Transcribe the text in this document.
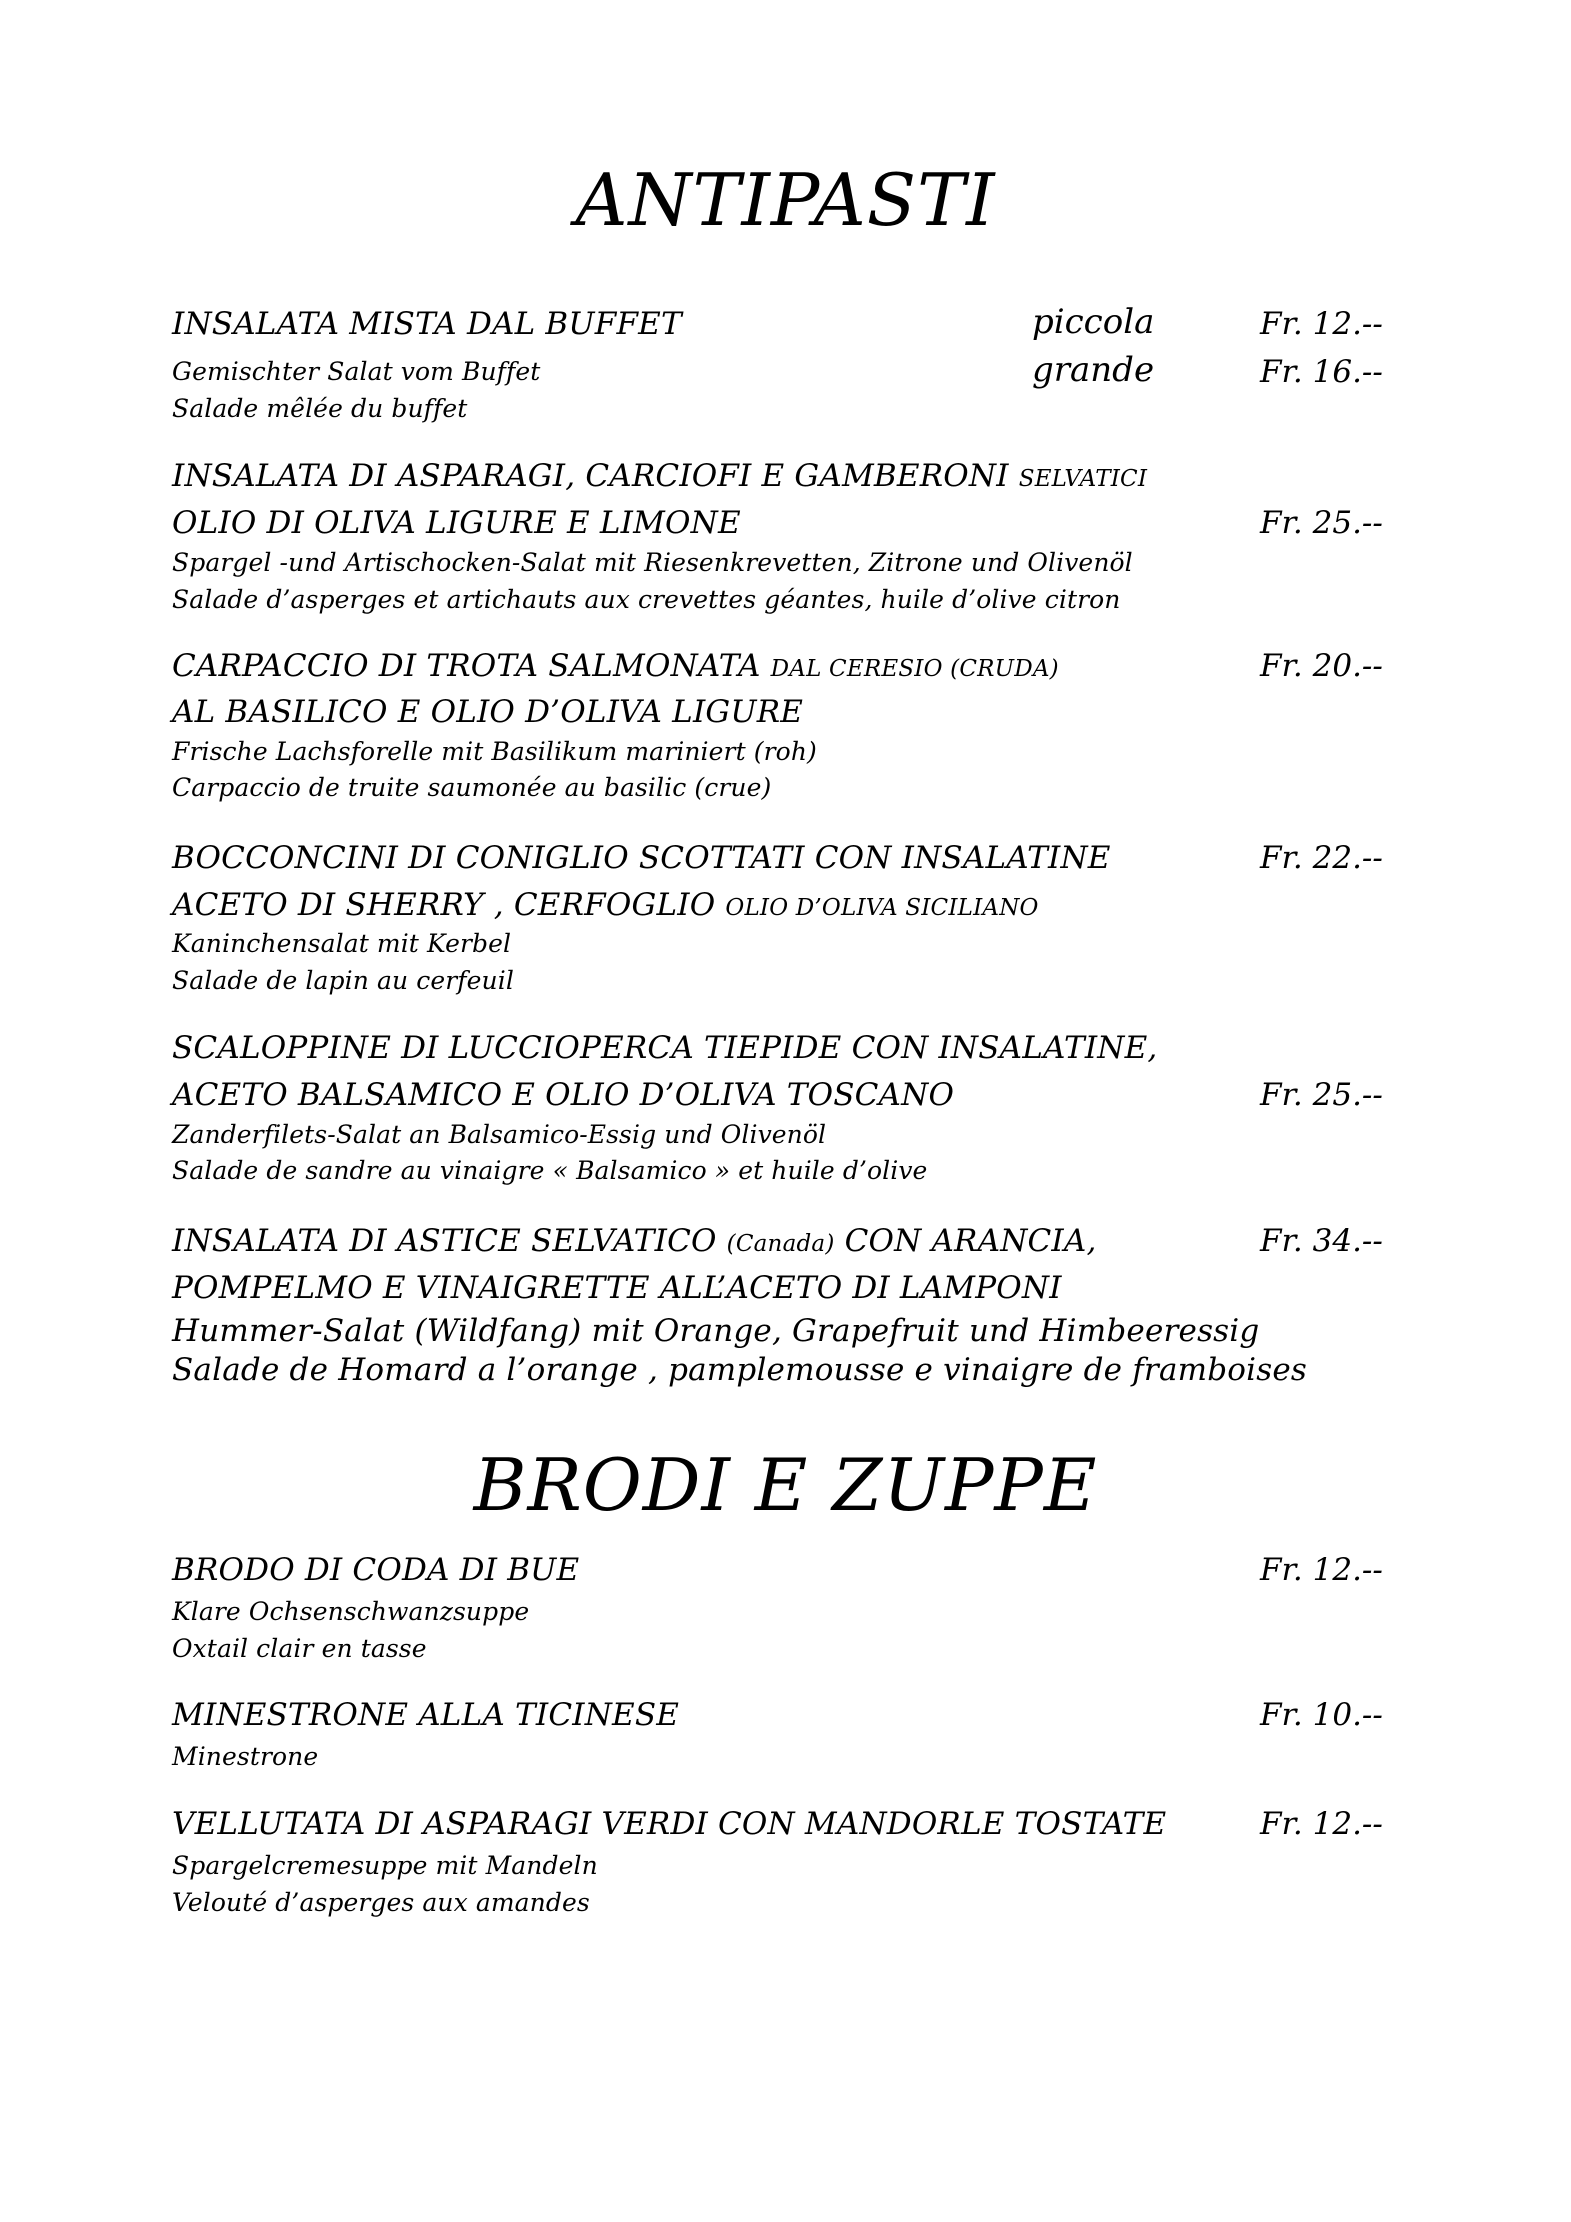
ANTIPASTI
INSALATA MISTA DAL BUFFET	piccola	Fr. 12.--
Gemischter Salat vom Buffet	grande	Fr. 16.--
Salade mêlée du buffet
INSALATA DI ASPARAGI, CARCIOFI E GAMBERONI SELVATICI
OLIO DI OLIVA LIGURE E LIMONE	Fr. 25.--
Spargel -und Artischocken-Salat mit Riesenkrevetten, Zitrone und Olivenöl
Salade d’asperges et artichauts aux crevettes géantes, huile d’olive citron
CARPACCIO DI TROTA SALMONATA DAL CERESIO (CRUDA)	Fr. 20.--
AL BASILICO E OLIO D’OLIVA LIGURE
Frische Lachsforelle mit Basilikum mariniert (roh)
Carpaccio de truite saumonée au basilic (crue)
BOCCONCINI DI CONIGLIO SCOTTATI CON INSALATINE	Fr. 22.--
ACETO DI SHERRY , CERFOGLIO OLIO D’OLIVA SICILIANO
Kaninchensalat mit Kerbel
Salade de lapin au cerfeuil
SCALOPPINE DI LUCCIOPERCA TIEPIDE CON INSALATINE,
ACETO BALSAMICO E OLIO D’OLIVA TOSCANO	Fr. 25.--
Zanderfilets-Salat an Balsamico-Essig und Olivenöl
Salade de sandre au vinaigre « Balsamico » et huile d’olive
INSALATA DI ASTICE SELVATICO (Canada) CON ARANCIA,	Fr. 34.--
POMPELMO E VINAIGRETTE ALL’ACETO DI LAMPONI
Hummer-Salat (Wildfang) mit Orange, Grapefruit und Himbeeressig
Salade de Homard a l’orange , pamplemousse e vinaigre de framboises
BRODI E ZUPPE
BRODO DI CODA DI BUE	Fr. 12.--
Klare Ochsenschwanzsuppe
Oxtail clair en tasse
MINESTRONE ALLA TICINESE	Fr. 10.--
Minestrone
VELLUTATA DI ASPARAGI VERDI CON MANDORLE TOSTATE	Fr. 12.--
Spargelcremesuppe mit Mandeln
Velouté d’asperges aux amandes
